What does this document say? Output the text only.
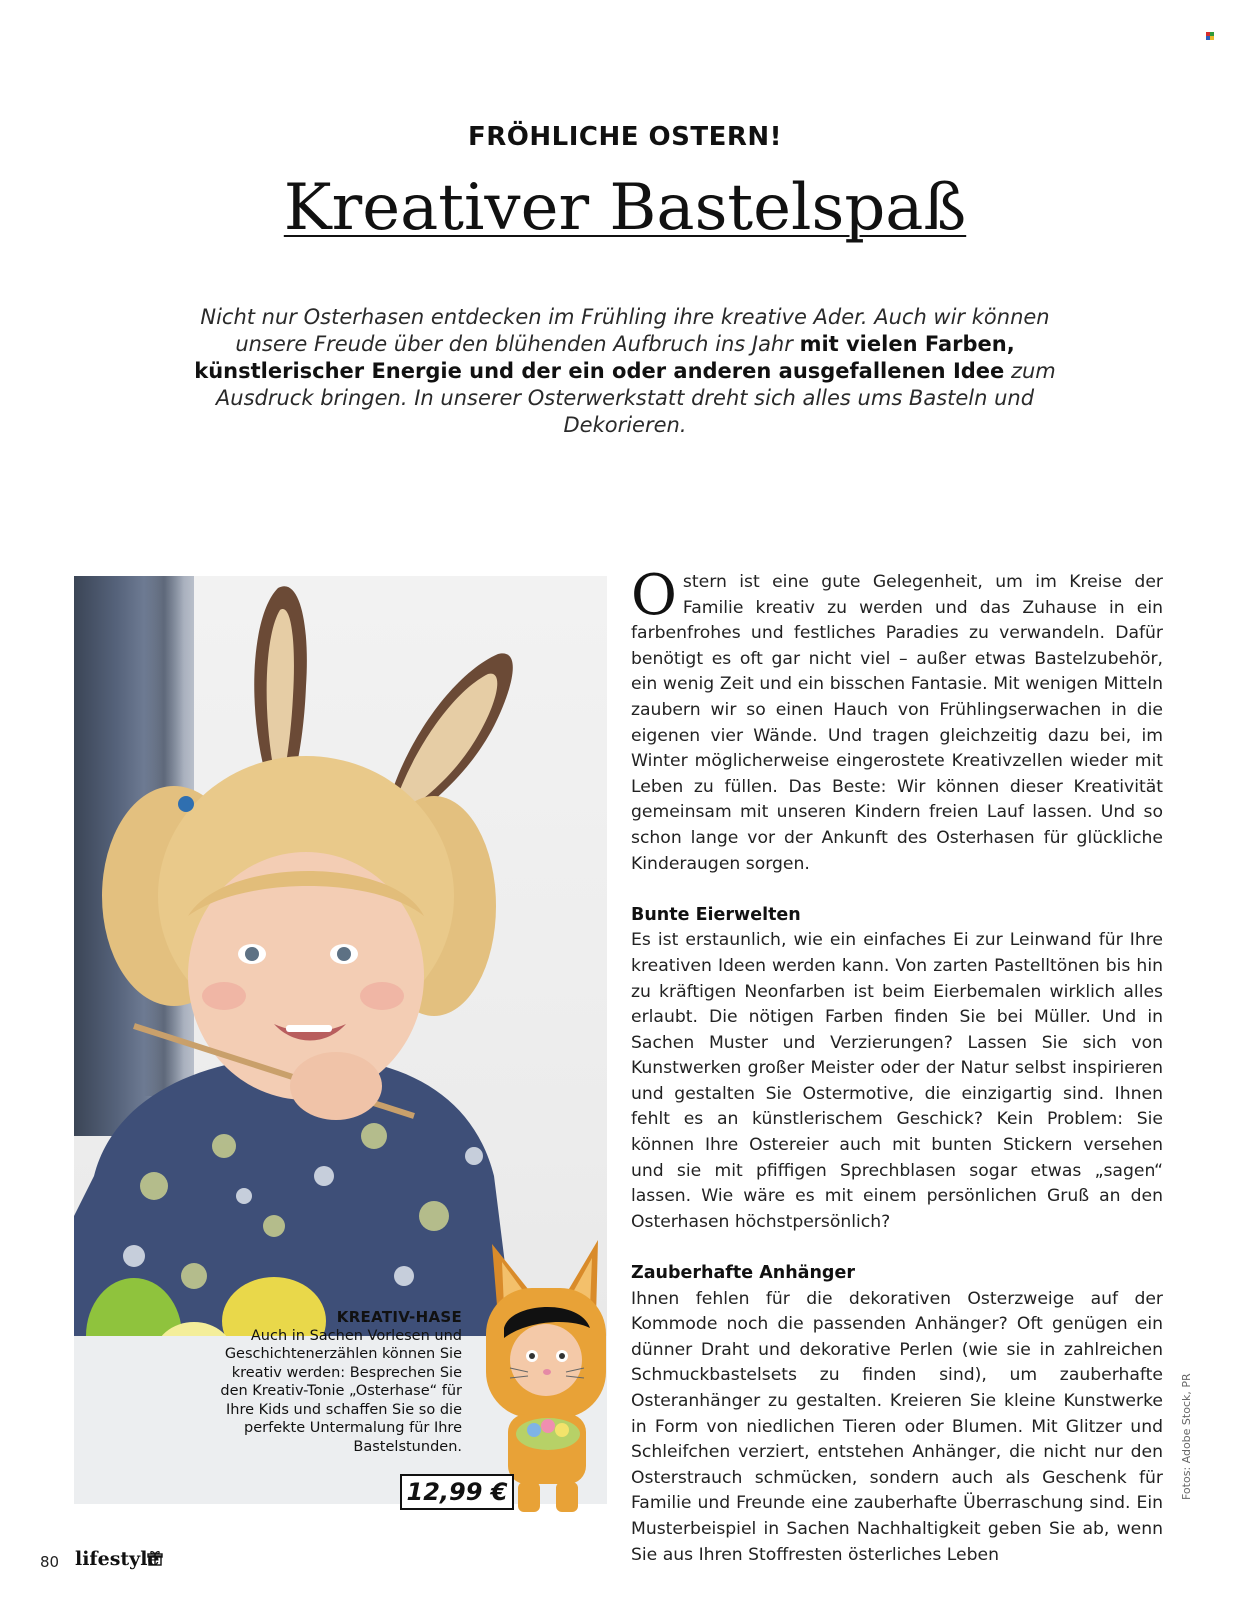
FRÖHLICHE OSTERN!
Kreativer Bastelspaß
Nicht nur Osterhasen entdecken im Frühling ihre kreative Ader. Auch wir können unsere Freude über den blühenden Aufbruch ins Jahr mit vielen Farben, künstlerischer Energie und der ein oder anderen ausgefallenen Idee zum Ausdruck bringen. In unserer Osterwerkstatt dreht sich alles ums Basteln und Dekorieren.
KREATIV-HASE
Auch in Sachen Vorlesen und Geschichtenerzählen können Sie kreativ werden: Besprechen Sie den Kreativ-Tonie „Osterhase“ für Ihre Kids und schaffen Sie so die perfekte Untermalung für Ihre Bastelstunden.
12,99 €

Ostern ist eine gute Gelegenheit, um im Kreise der Familie kreativ zu werden und das Zuhause in ein farbenfrohes und festliches Paradies zu verwandeln. Dafür benötigt es oft gar nicht viel – außer etwas Bastelzubehör, ein wenig Zeit und ein bisschen Fantasie. Mit wenigen Mitteln zaubern wir so einen Hauch von Frühlingserwachen in die eigenen vier Wände. Und tragen gleichzeitig dazu bei, im Winter möglicherweise eingerostete Kreativzellen wieder mit Leben zu füllen. Das Beste: Wir können dieser Kreativität gemeinsam mit unseren Kindern freien Lauf lassen. Und so schon lange vor der Ankunft des Osterhasen für glückliche Kinderaugen sorgen.

Bunte Eierwelten

Es ist erstaunlich, wie ein einfaches Ei zur Leinwand für Ihre kreativen Ideen werden kann. Von zarten Pastelltönen bis hin zu kräftigen Neonfarben ist beim Eierbemalen wirklich alles erlaubt. Die nötigen Farben finden Sie bei Müller. Und in Sachen Muster und Verzierungen? Lassen Sie sich von Kunstwerken großer Meister oder der Natur selbst inspirieren und gestalten Sie Ostermotive, die einzigartig sind. Ihnen fehlt es an künstlerischem Geschick? Kein Problem: Sie können Ihre Ostereier auch mit bunten Stickern versehen und sie mit pfiffigen Sprechblasen sogar etwas „sagen“ lassen. Wie wäre es mit einem persönlichen Gruß an den Osterhasen höchstpersönlich?

Zauberhafte Anhänger

Ihnen fehlen für die dekorativen Osterzweige auf der Kommode noch die passenden Anhänger? Oft genügen ein dünner Draht und dekorative Perlen (wie sie in zahlreichen Schmuckbastelsets zu finden sind), um zauberhafte Osteranhänger zu gestalten. Kreieren Sie kleine Kunstwerke in Form von niedlichen Tieren oder Blumen. Mit Glitzer und Schleifchen verziert, entstehen Anhänger, die nicht nur den Osterstrauch schmücken, sondern auch als Geschenk für Familie und Freunde eine zauberhafte Überraschung sind. Ein Musterbeispiel in Sachen Nachhaltigkeit geben Sie ab, wenn Sie aus Ihren Stoffresten österliches Leben

Fotos: Adobe Stock, PR
80 lifestyle
